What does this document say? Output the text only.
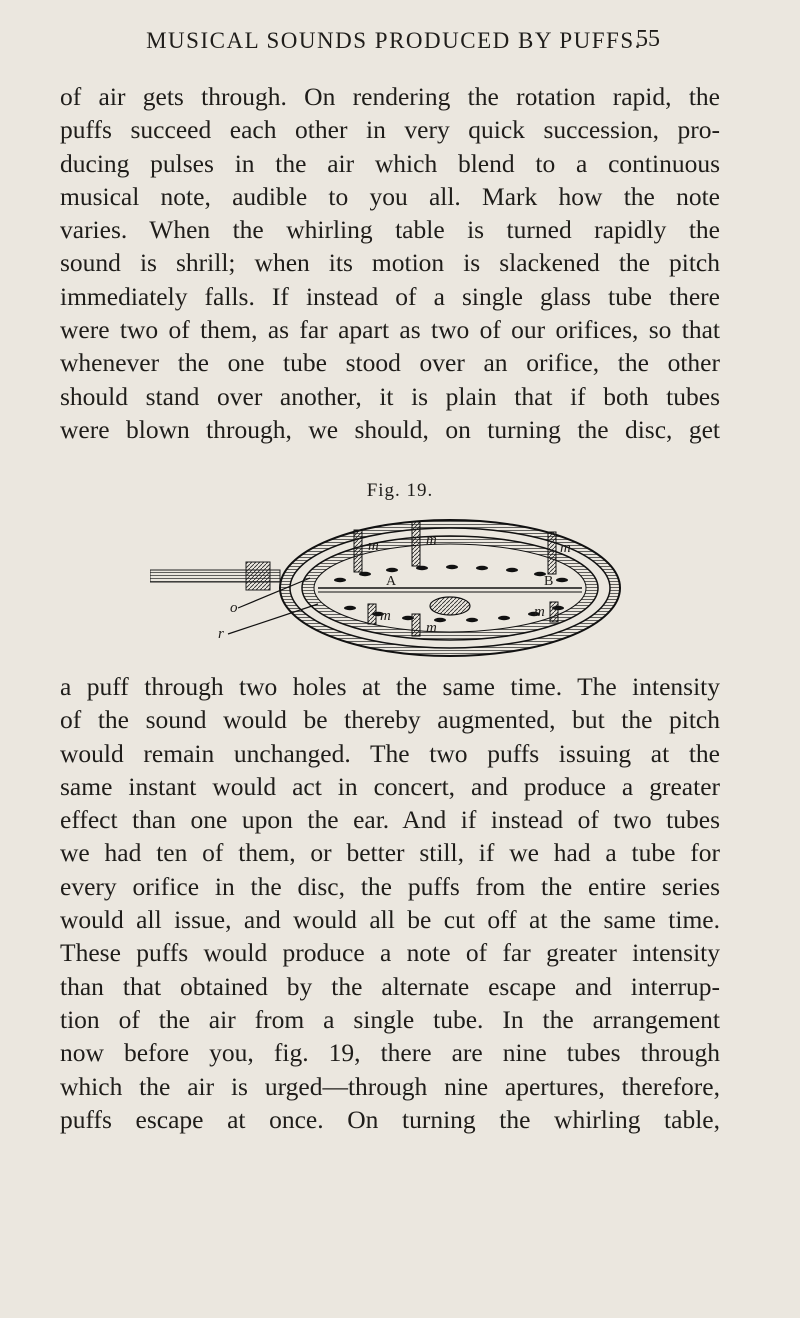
MUSICAL SOUNDS PRODUCED BY PUFFS.
55
of air gets through. On rendering the rotation rapid, the
puffs succeed each other in very quick succession, pro-
ducing pulses in the air which blend to a continuous
musical note, audible to you all. Mark how the note
varies. When the whirling table is turned rapidly the
sound is shrill; when its motion is slackened the pitch
immediately falls. If instead of a single glass tube there
were two of them, as far apart as two of our orifices, so that
whenever the one tube stood over an orifice, the other
should stand over another, it is plain that if both tubes
were blown through, we should, on turning the disc, get
Fig. 19.
m
m	m
A	B
o
r
m	m
m
a puff through two holes at the same time. The intensity
of the sound would be thereby augmented, but the pitch
would remain unchanged. The two puffs issuing at the
same instant would act in concert, and produce a greater
effect than one upon the ear. And if instead of two tubes
we had ten of them, or better still, if we had a tube for
every orifice in the disc, the puffs from the entire series
would all issue, and would all be cut off at the same time.
These puffs would produce a note of far greater intensity
than that obtained by the alternate escape and interrup-
tion of the air from a single tube. In the arrangement
now before you, fig. 19, there are nine tubes through
which the air is urged—through nine apertures, therefore,
puffs escape at once. On turning the whirling table,
